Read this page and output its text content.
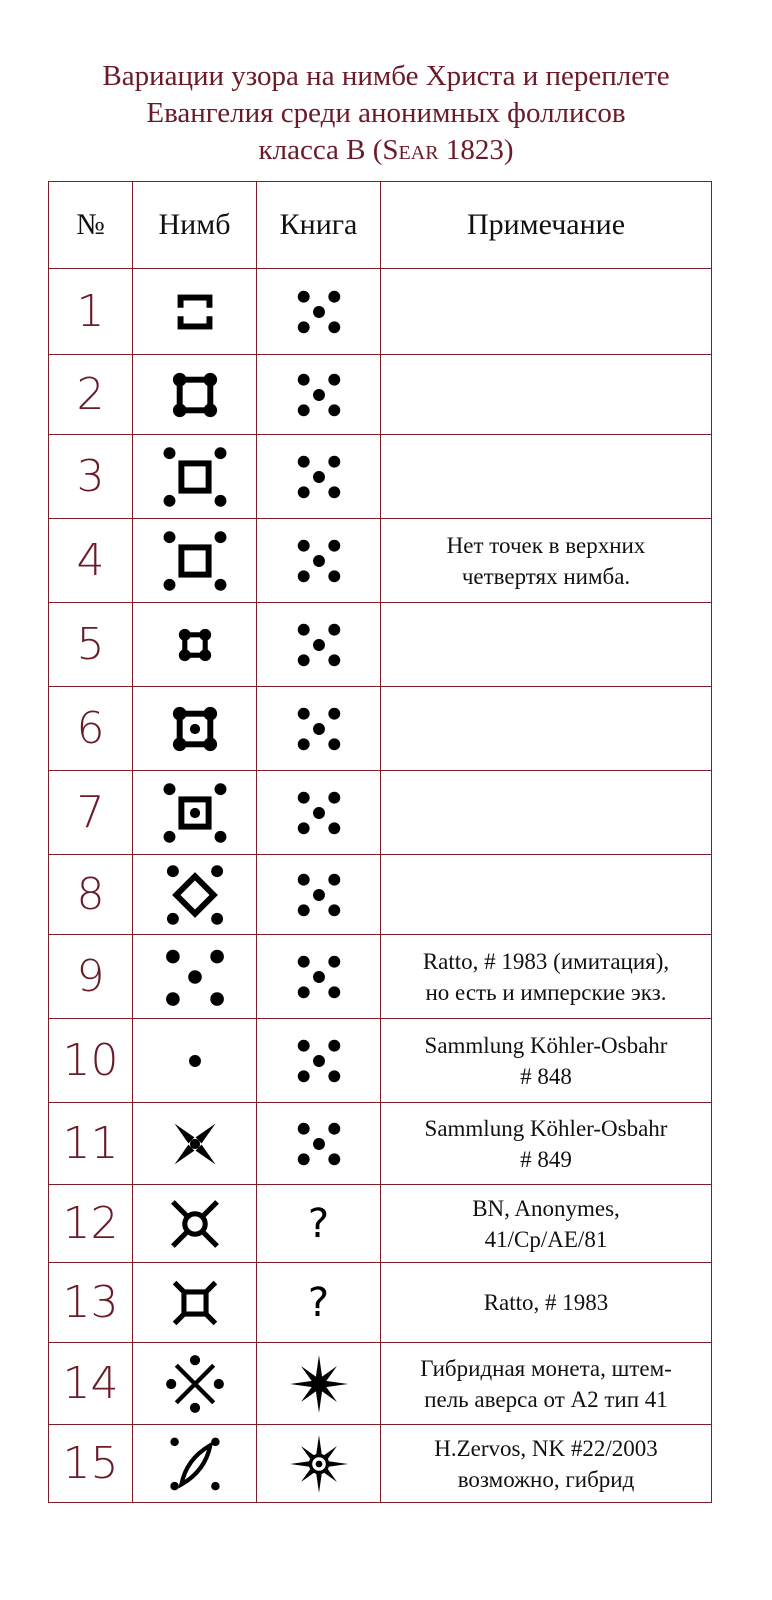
Вариации узора на нимбе Христа и переплете
Евангелия среди анонимных фоллисов
класса B (Sear 1823)
№	Нимб	Книга	Примечание
1	

2	

3	

4			Нет точек в верхних
четвертях нимба.

5	

6	

7	

8	

9			Ratto, # 1983 (имитация),
но есть и имперские экз.

10			Sammlung Köhler-Osbahr
# 848

11			Sammlung Köhler-Osbahr
# 849

12		?	BN, Anonymes,
41/Cp/AE/81

13		?	Ratto, # 1983

14			Гибридная монета, штем-
пель аверса от A2 тип 41

15			H.Zervos, NK #22/2003
возможно, гибрид
